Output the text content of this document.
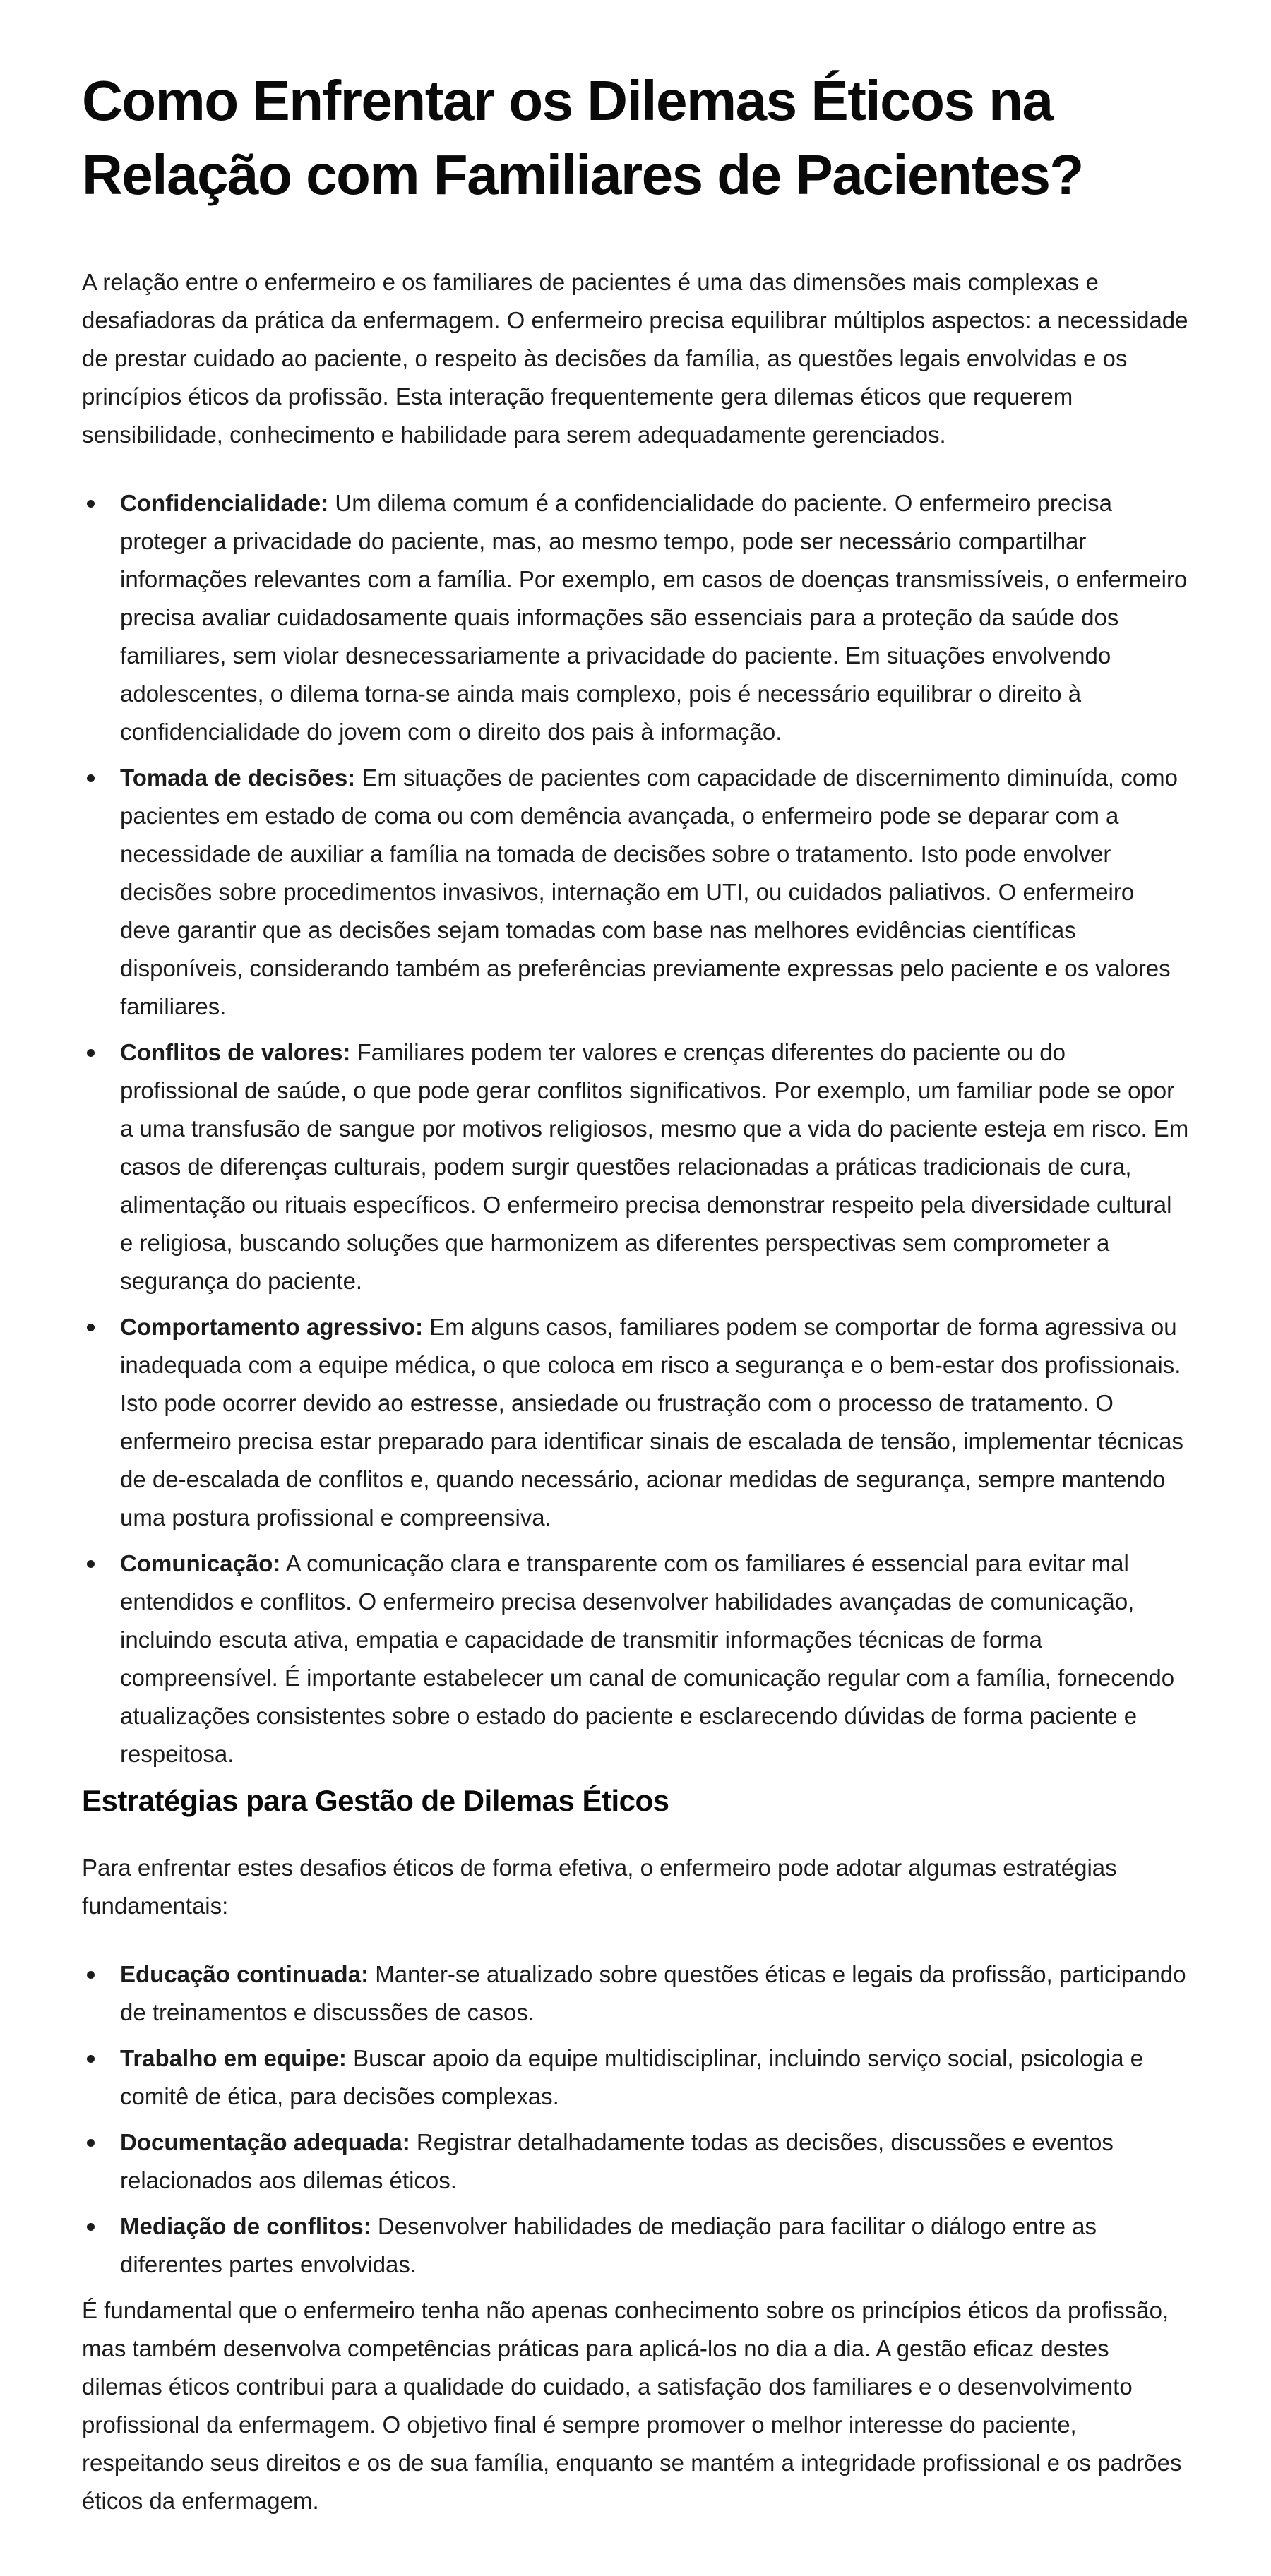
Como Enfrentar os Dilemas Éticos na Relação com Familiares de Pacientes?

A relação entre o enfermeiro e os familiares de pacientes é uma das dimensões mais complexas e desafiadoras da prática da enfermagem. O enfermeiro precisa equilibrar múltiplos aspectos: a necessidade de prestar cuidado ao paciente, o respeito às decisões da família, as questões legais envolvidas e os princípios éticos da profissão. Esta interação frequentemente gera dilemas éticos que requerem sensibilidade, conhecimento e habilidade para serem adequadamente gerenciados.

Confidencialidade: Um dilema comum é a confidencialidade do paciente. O enfermeiro precisa proteger a privacidade do paciente, mas, ao mesmo tempo, pode ser necessário compartilhar informações relevantes com a família. Por exemplo, em casos de doenças transmissíveis, o enfermeiro precisa avaliar cuidadosamente quais informações são essenciais para a proteção da saúde dos familiares, sem violar desnecessariamente a privacidade do paciente. Em situações envolvendo adolescentes, o dilema torna-se ainda mais complexo, pois é necessário equilibrar o direito à confidencialidade do jovem com o direito dos pais à informação.
Tomada de decisões: Em situações de pacientes com capacidade de discernimento diminuída, como pacientes em estado de coma ou com demência avançada, o enfermeiro pode se deparar com a necessidade de auxiliar a família na tomada de decisões sobre o tratamento. Isto pode envolver decisões sobre procedimentos invasivos, internação em UTI, ou cuidados paliativos. O enfermeiro deve garantir que as decisões sejam tomadas com base nas melhores evidências científicas disponíveis, considerando também as preferências previamente expressas pelo paciente e os valores familiares.
Conflitos de valores: Familiares podem ter valores e crenças diferentes do paciente ou do profissional de saúde, o que pode gerar conflitos significativos. Por exemplo, um familiar pode se opor a uma transfusão de sangue por motivos religiosos, mesmo que a vida do paciente esteja em risco. Em casos de diferenças culturais, podem surgir questões relacionadas a práticas tradicionais de cura, alimentação ou rituais específicos. O enfermeiro precisa demonstrar respeito pela diversidade cultural e religiosa, buscando soluções que harmonizem as diferentes perspectivas sem comprometer a segurança do paciente.
Comportamento agressivo: Em alguns casos, familiares podem se comportar de forma agressiva ou inadequada com a equipe médica, o que coloca em risco a segurança e o bem-estar dos profissionais. Isto pode ocorrer devido ao estresse, ansiedade ou frustração com o processo de tratamento. O enfermeiro precisa estar preparado para identificar sinais de escalada de tensão, implementar técnicas de de-escalada de conflitos e, quando necessário, acionar medidas de segurança, sempre mantendo uma postura profissional e compreensiva.
Comunicação: A comunicação clara e transparente com os familiares é essencial para evitar mal entendidos e conflitos. O enfermeiro precisa desenvolver habilidades avançadas de comunicação, incluindo escuta ativa, empatia e capacidade de transmitir informações técnicas de forma compreensível. É importante estabelecer um canal de comunicação regular com a família, fornecendo atualizações consistentes sobre o estado do paciente e esclarecendo dúvidas de forma paciente e respeitosa.
Estratégias para Gestão de Dilemas Éticos

Para enfrentar estes desafios éticos de forma efetiva, o enfermeiro pode adotar algumas estratégias fundamentais:

Educação continuada: Manter-se atualizado sobre questões éticas e legais da profissão, participando de treinamentos e discussões de casos.
Trabalho em equipe: Buscar apoio da equipe multidisciplinar, incluindo serviço social, psicologia e comitê de ética, para decisões complexas.
Documentação adequada: Registrar detalhadamente todas as decisões, discussões e eventos relacionados aos dilemas éticos.
Mediação de conflitos: Desenvolver habilidades de mediação para facilitar o diálogo entre as diferentes partes envolvidas.

É fundamental que o enfermeiro tenha não apenas conhecimento sobre os princípios éticos da profissão, mas também desenvolva competências práticas para aplicá-los no dia a dia. A gestão eficaz destes dilemas éticos contribui para a qualidade do cuidado, a satisfação dos familiares e o desenvolvimento profissional da enfermagem. O objetivo final é sempre promover o melhor interesse do paciente, respeitando seus direitos e os de sua família, enquanto se mantém a integridade profissional e os padrões éticos da enfermagem.
